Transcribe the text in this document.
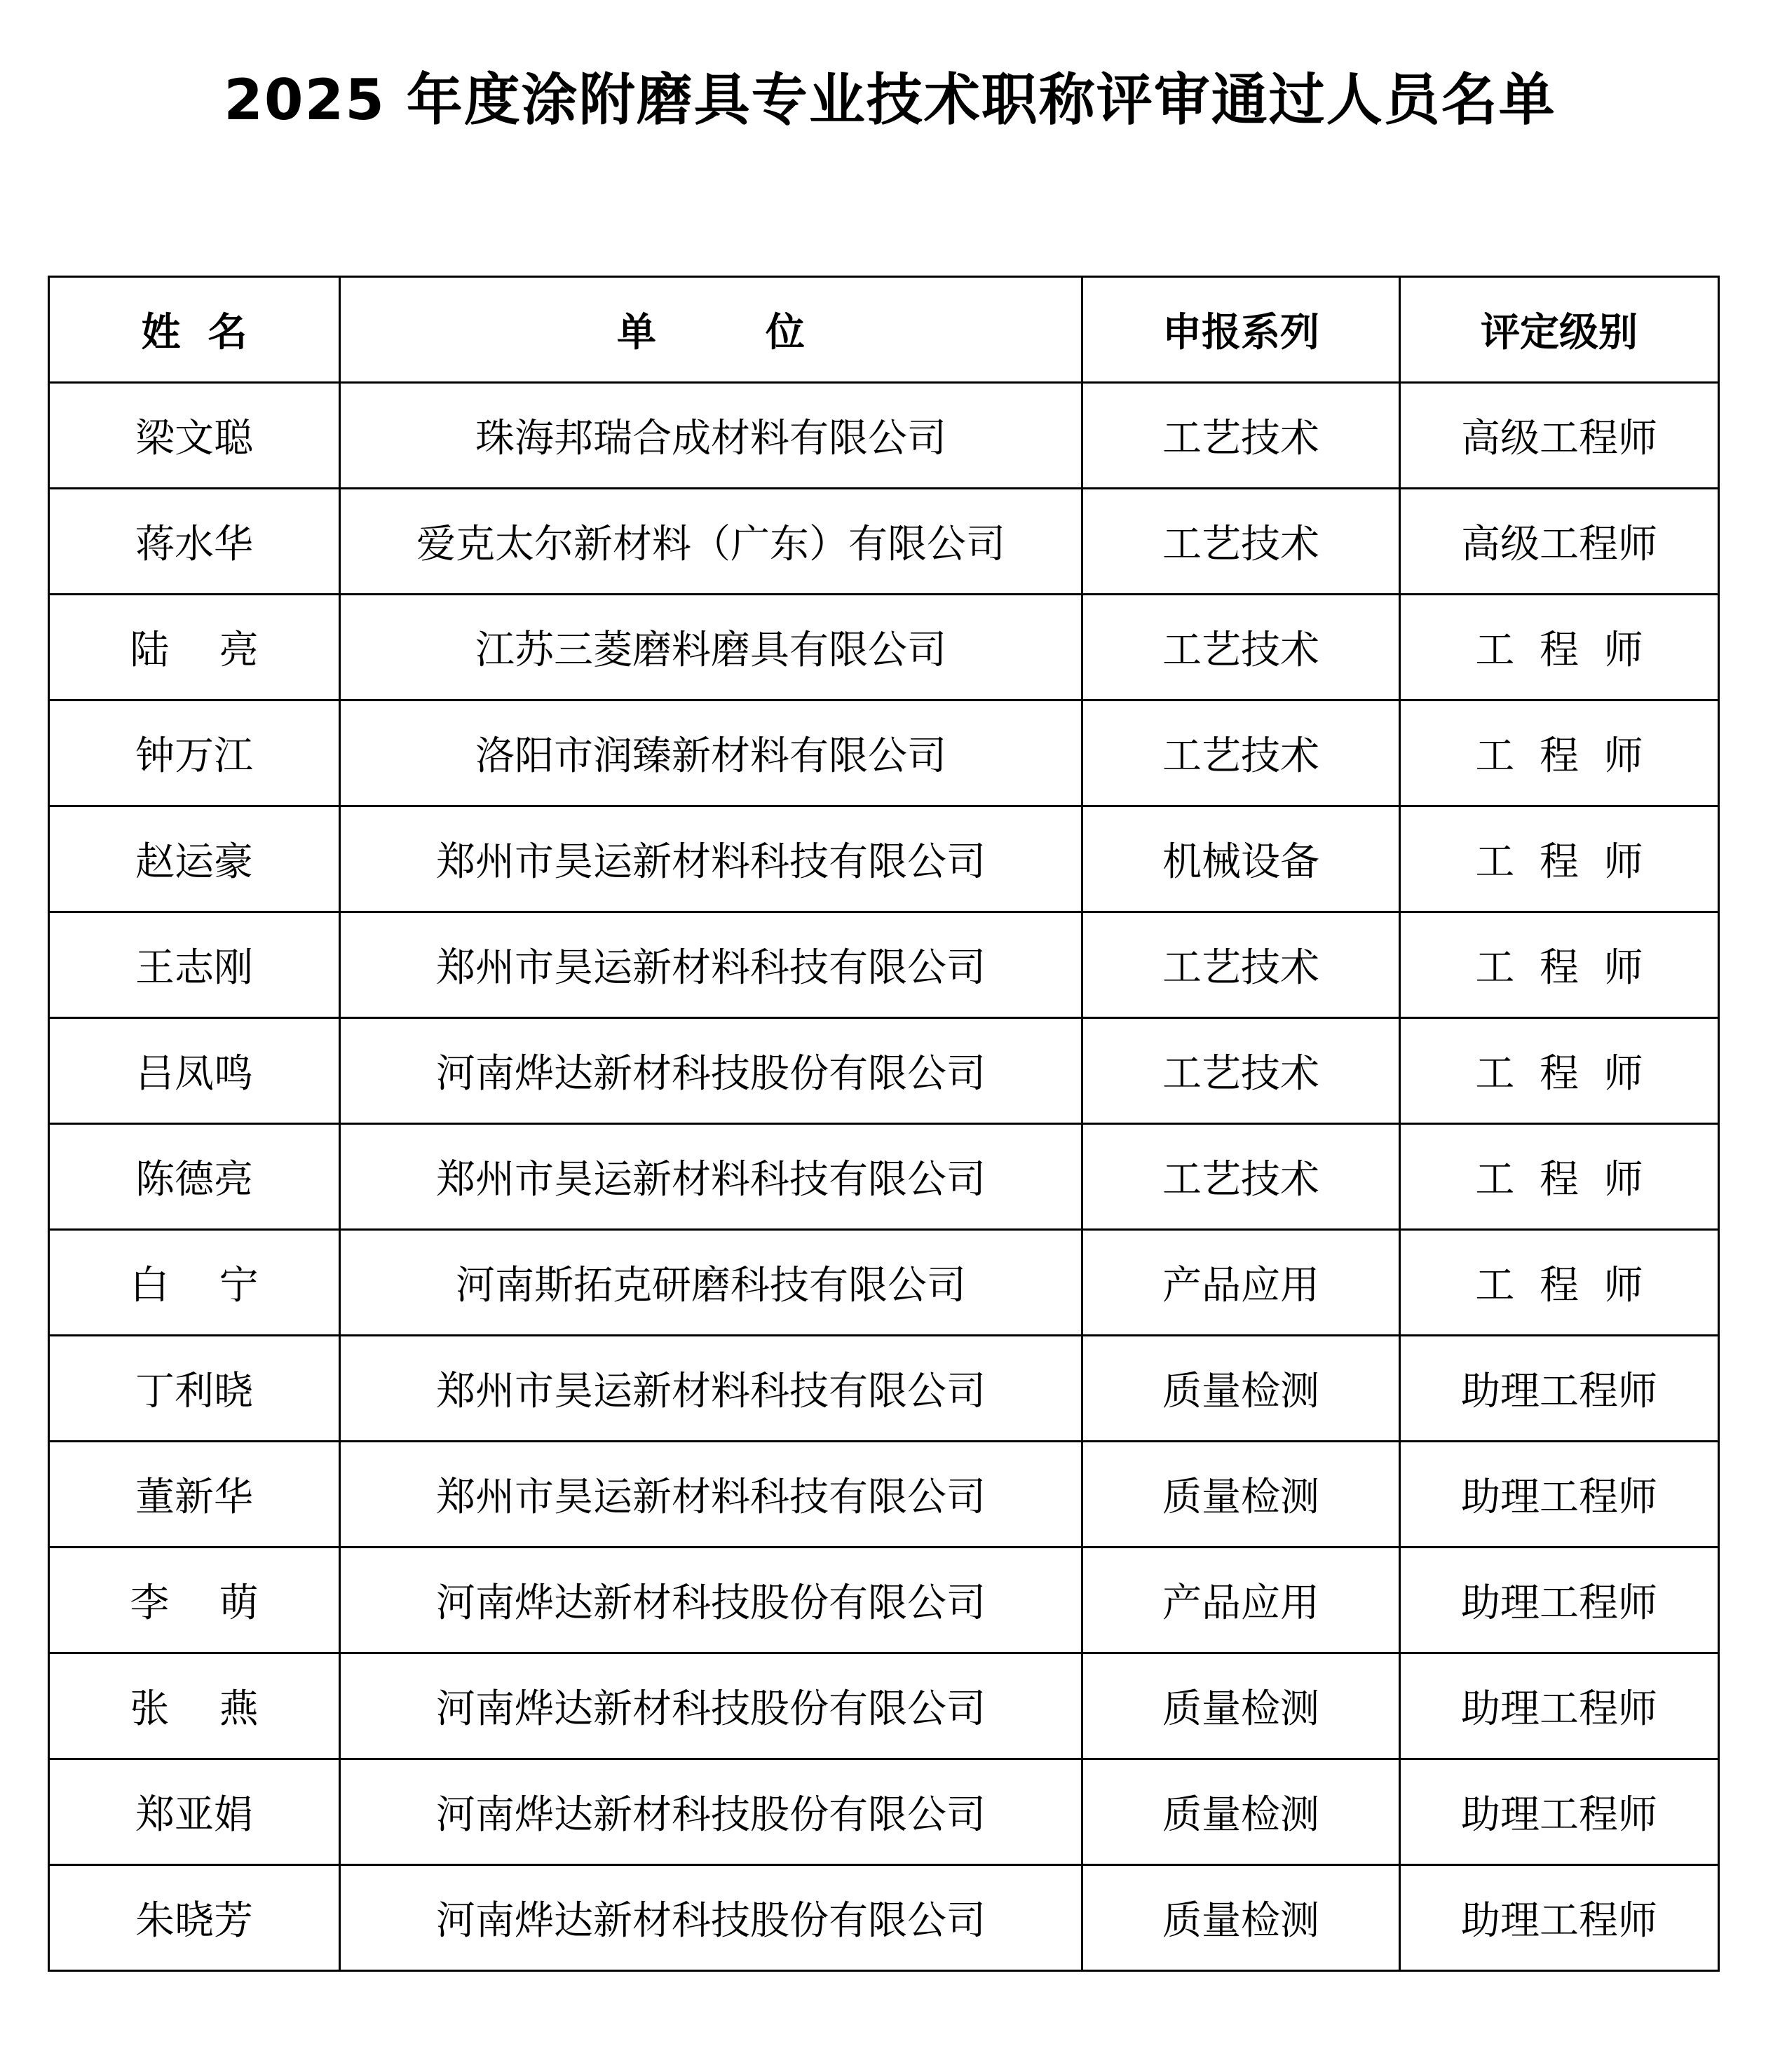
2025 年度涂附磨具专业技术职称评审通过人员名单
姓  名	单        位	申报系列	评定级别
梁文聪	珠海邦瑞合成材料有限公司	工艺技术	高级工程师
蒋水华	爱克太尔新材料（广东）有限公司	工艺技术	高级工程师
陆    亮	江苏三菱磨料磨具有限公司	工艺技术	工  程  师
钟万江	洛阳市润臻新材料有限公司	工艺技术	工  程  师
赵运豪	郑州市昊运新材料科技有限公司	机械设备	工  程  师
王志刚	郑州市昊运新材料科技有限公司	工艺技术	工  程  师
吕凤鸣	河南烨达新材科技股份有限公司	工艺技术	工  程  师
陈德亮	郑州市昊运新材料科技有限公司	工艺技术	工  程  师
白    宁	河南斯拓克研磨科技有限公司	产品应用	工  程  师
丁利晓	郑州市昊运新材料科技有限公司	质量检测	助理工程师
董新华	郑州市昊运新材料科技有限公司	质量检测	助理工程师
李    萌	河南烨达新材科技股份有限公司	产品应用	助理工程师
张    燕	河南烨达新材科技股份有限公司	质量检测	助理工程师
郑亚娟	河南烨达新材科技股份有限公司	质量检测	助理工程师
朱晓芳	河南烨达新材科技股份有限公司	质量检测	助理工程师
